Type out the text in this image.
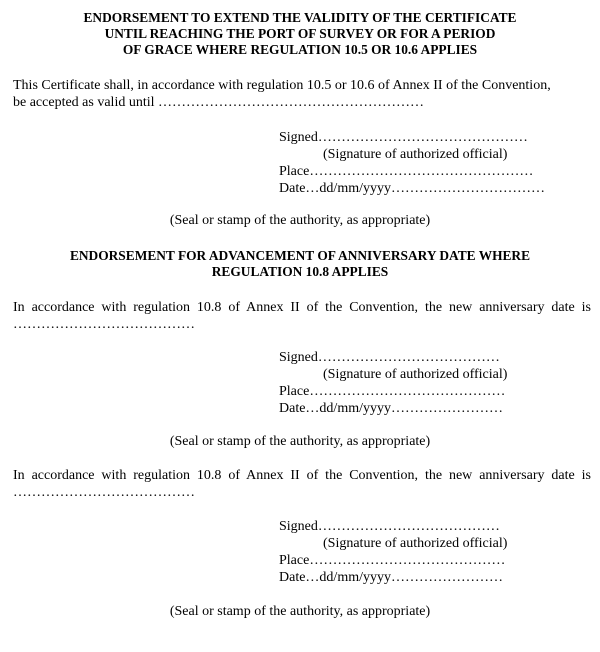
ENDORSEMENT TO EXTEND THE VALIDITY OF THE CERTIFICATE
UNTIL REACHING THE PORT OF SURVEY OR FOR A PERIOD
OF GRACE WHERE REGULATION 10.5 OR 10.6 APPLIES

This Certificate shall, in accordance with regulation 10.5 or 10.6 of Annex II of the Convention,
be accepted as valid until …………………………………………………

Signed………………………………………
(Signature of authorized official)
Place…………………………………………
Date…dd/mm/yyyy……………………………
(Seal or stamp of the authority, as appropriate)
ENDORSEMENT FOR ADVANCEMENT OF ANNIVERSARY DATE WHERE
REGULATION 10.8 APPLIES

In accordance with regulation 10.8 of Annex II of the Convention, the new anniversary date is
…………………………………

Signed…………………………………
(Signature of authorized official)
Place……………………………………
Date…dd/mm/yyyy……………………
(Seal or stamp of the authority, as appropriate)

In accordance with regulation 10.8 of Annex II of the Convention, the new anniversary date is
…………………………………

Signed…………………………………
(Signature of authorized official)
Place……………………………………
Date…dd/mm/yyyy……………………
(Seal or stamp of the authority, as appropriate)
